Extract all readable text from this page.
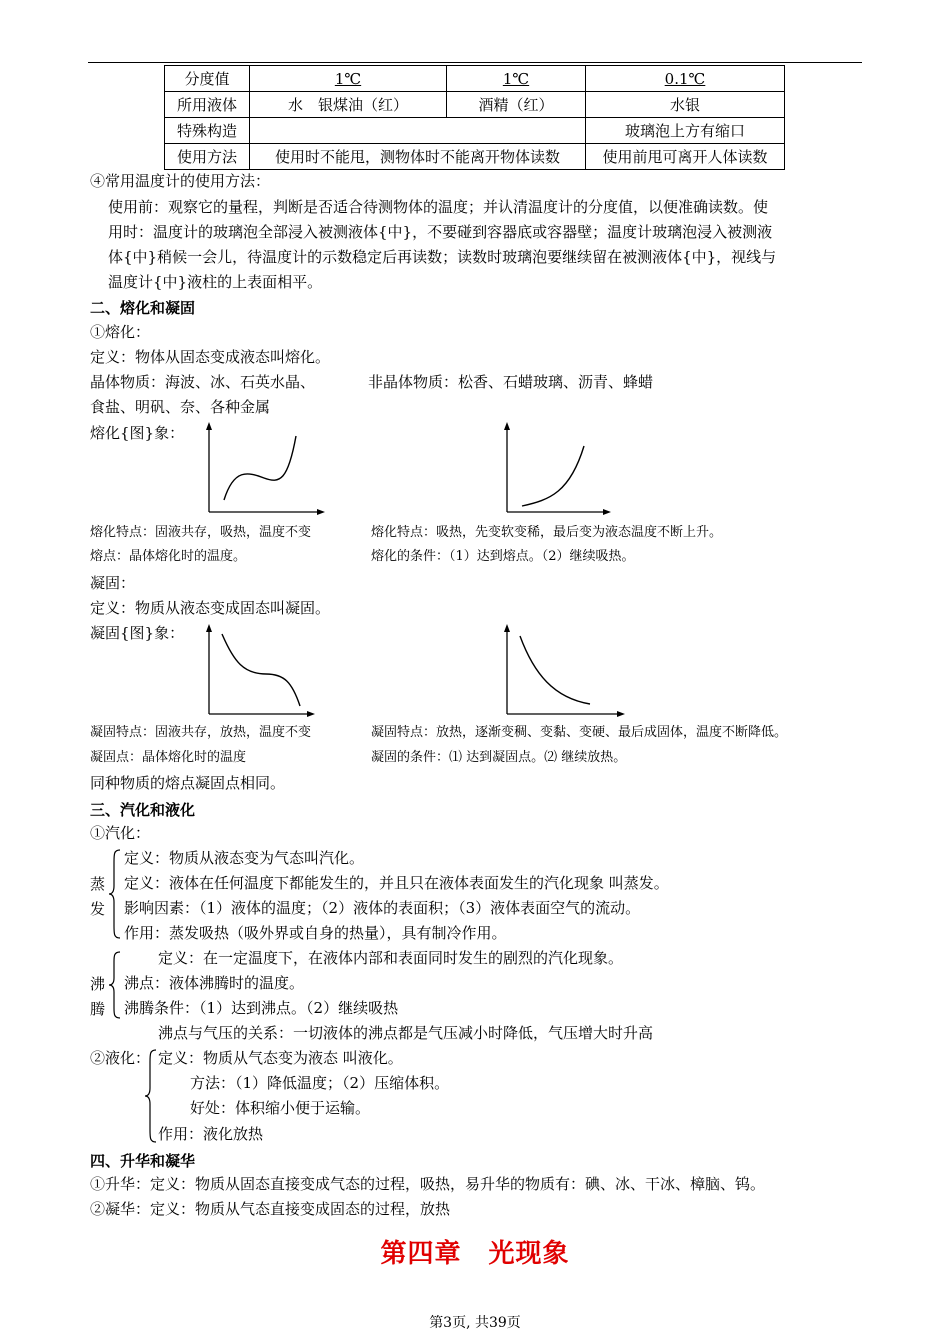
分度值	1℃	1℃	0.1℃
所用液体	水　银煤油（红）	酒精（红）	水银
特殊构造			玻璃泡上方有缩口
使用方法	使用时不能甩，测物体时不能离开物体读数		使用前甩可离开人体读数
④常用温度计的使用方法：
使用前：观察它的量程，判断是否适合待测物体的温度；并认清温度计的分度值，以便准确读数。使
用时：温度计的玻璃泡全部浸入被测液体{中}，不要碰到容器底或容器壁；温度计玻璃泡浸入被测液
体{中}稍候一会儿，待温度计的示数稳定后再读数；读数时玻璃泡要继续留在被测液体{中}，视线与
温度计{中}液柱的上表面相平。
二、熔化和凝固
①熔化：
定义：物体从固态变成液态叫熔化。
晶体物质：海波、冰、石英水晶、	非晶体物质：松香、石蜡玻璃、沥青、蜂蜡
食盐、明矾、奈、各种金属
熔化{图}象：
熔化特点：固液共存，吸热，温度不变	熔化特点：吸热，先变软变稀，最后变为液态温度不断上升。
熔点：晶体熔化时的温度。	熔化的条件：（1）达到熔点。（2）继续吸热。
凝固：
定义：物质从液态变成固态叫凝固。
凝固{图}象：
凝固特点：固液共存，放热，温度不变	凝固特点：放热，逐渐变稠、变黏、变硬、最后成固体，温度不断降低。
凝固点：晶体熔化时的温度	凝固的条件：⑴ 达到凝固点。⑵ 继续放热。
同种物质的熔点凝固点相同。
三、汽化和液化
①汽化：
蒸发
定义：物质从液态变为气态叫汽化。
定义：液体在任何温度下都能发生的，并且只在液体表面发生的汽化现象 叫蒸发。
影响因素：（1）液体的温度；（2）液体的表面积；（3）液体表面空气的流动。
作用：蒸发吸热（吸外界或自身的热量），具有制冷作用。
沸腾
定义：在一定温度下，在液体内部和表面同时发生的剧烈的汽化现象。
沸点：液体沸腾时的温度。
沸腾条件：（1）达到沸点。（2）继续吸热
沸点与气压的关系：一切液体的沸点都是气压减小时降低，气压增大时升高
②液化： 定义：物质从气态变为液态 叫液化。
方法：（1）降低温度；（2）压缩体积。
好处：体积缩小便于运输。
作用：液化放热
四、升华和凝华
①升华：定义：物质从固态直接变成气态的过程，吸热，易升华的物质有：碘、冰、干冰、樟脑、钨。
②凝华：定义：物质从气态直接变成固态的过程，放热
第四章　光现象
第3页, 共39页
